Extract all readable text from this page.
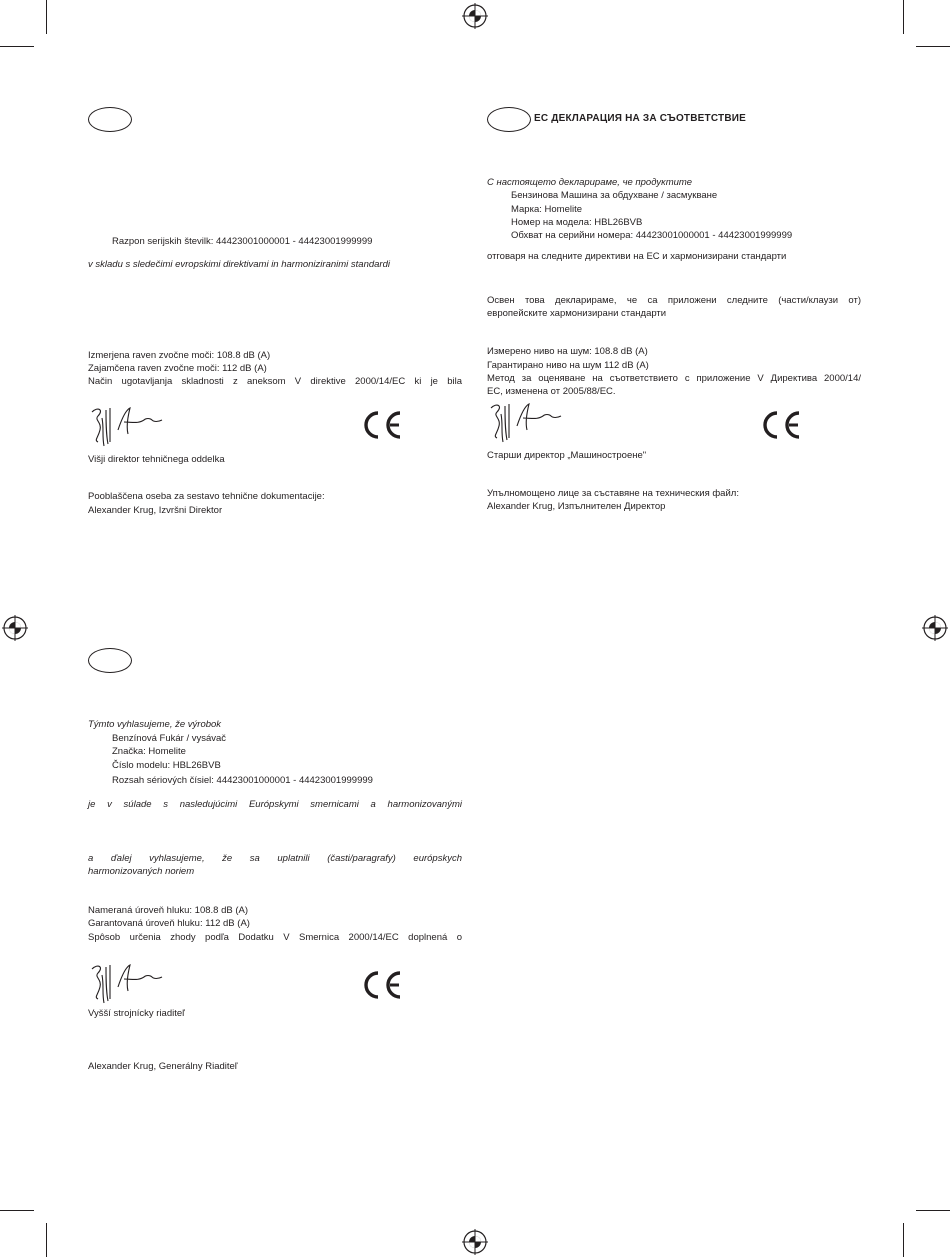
Razpon serijskih številk: 44423001000001 - 44423001999999
v skladu s sledečimi evropskimi direktivami in harmoniziranimi standardi
Izmerjena raven zvočne moči: 108.8 dB (A)
Zajamčena raven zvočne moči: 112 dB (A)
Način ugotavljanja skladnosti z aneksom V direktive 2000/14/EC ki je bila
Višji direktor tehničnega oddelka
Pooblaščena oseba za sestavo tehnične dokumentacije:
Alexander Krug, Izvršni Direktor
ЕС ДЕКЛАРАЦИЯ НА ЗА СЪОТВЕТСТВИЕ
С настоящето декларираме, че продуктите
Бензинова Машина за обдухване / засмукване
Марка: Homelite
Номер на модела: HBL26BVB
Обхват на серийни номера: 44423001000001 - 44423001999999
отговаря на следните директиви на ЕС и хармонизирани стандарти
Освен това декларираме, че са приложени следните (части/клаузи от)
европейските хармонизирани стандарти
Измерено ниво на шум: 108.8 dB (A)
Гарантирано ниво на шум 112 dB (A)
Метод за оценяване на съответствието с приложение V Директива 2000/14/
ЕС, изменена от 2005/88/ЕС.
Старши директор „Машиностроене"
Упълномощено лице за съставяне на техническия файл:
Alexander Krug, Изпълнителен Директор
Týmto vyhlasujeme, že výrobok
Benzínová Fukár / vysávač
Značka: Homelite
Číslo modelu: HBL26BVB
Rozsah sériových čísiel: 44423001000001 - 44423001999999
je v súlade s nasledujúcimi Európskymi smernicami a harmonizovanými
a ďalej vyhlasujeme, že sa uplatnili (časti/paragrafy) európskych
harmonizovaných noriem
Nameraná úroveň hluku: 108.8 dB (A)
Garantovaná úroveň hluku: 112 dB (A)
Spôsob určenia zhody podľa Dodatku V Smernica 2000/14/EC doplnená o
Vyšší strojnícky riaditeľ
Alexander Krug, Generálny Riaditeľ
